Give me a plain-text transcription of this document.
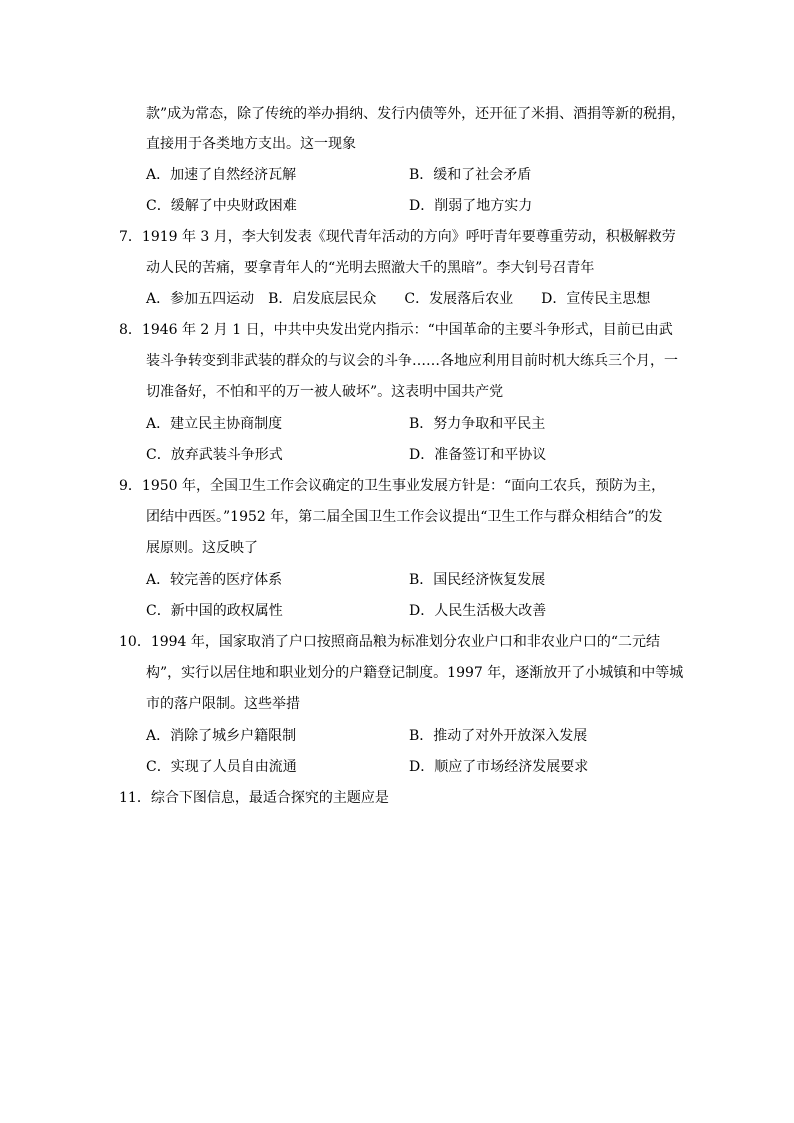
款”成为常态，除了传统的举办捐纳、发行内债等外，还开征了米捐、酒捐等新的税捐，
直接用于各类地方支出。这一现象
A．加速了自然经济瓦解	B．缓和了社会矛盾
C．缓解了中央财政困难	D．削弱了地方实力
7．1919 年 3 月，李大钊发表《现代青年活动的方向》呼吁青年要尊重劳动，积极解救劳
动人民的苦痛，要拿青年人的“光明去照澈大千的黑暗”。李大钊号召青年
A．参加五四运动　B．启发底层民众　　C．发展落后农业　　D．宣传民主思想
8．1946 年 2 月 1 日，中共中央发出党内指示：“中国革命的主要斗争形式，目前已由武
装斗争转变到非武装的群众的与议会的斗争……各地应利用目前时机大练兵三个月，一
切准备好，不怕和平的万一被人破坏”。这表明中国共产党
A．建立民主协商制度	B．努力争取和平民主
C．放弃武装斗争形式	D．准备签订和平协议
9．1950 年，全国卫生工作会议确定的卫生事业发展方针是：“面向工农兵，预防为主，
团结中西医。”1952 年，第二届全国卫生工作会议提出“卫生工作与群众相结合”的发
展原则。这反映了
A．较完善的医疗体系	B．国民经济恢复发展
C．新中国的政权属性	D．人民生活极大改善
10．1994 年，国家取消了户口按照商品粮为标准划分农业户口和非农业户口的“二元结
构”，实行以居住地和职业划分的户籍登记制度。1997 年，逐渐放开了小城镇和中等城
市的落户限制。这些举措
A．消除了城乡户籍限制	B．推动了对外开放深入发展
C．实现了人员自由流通	D．顺应了市场经济发展要求
11．综合下图信息，最适合探究的主题应是
